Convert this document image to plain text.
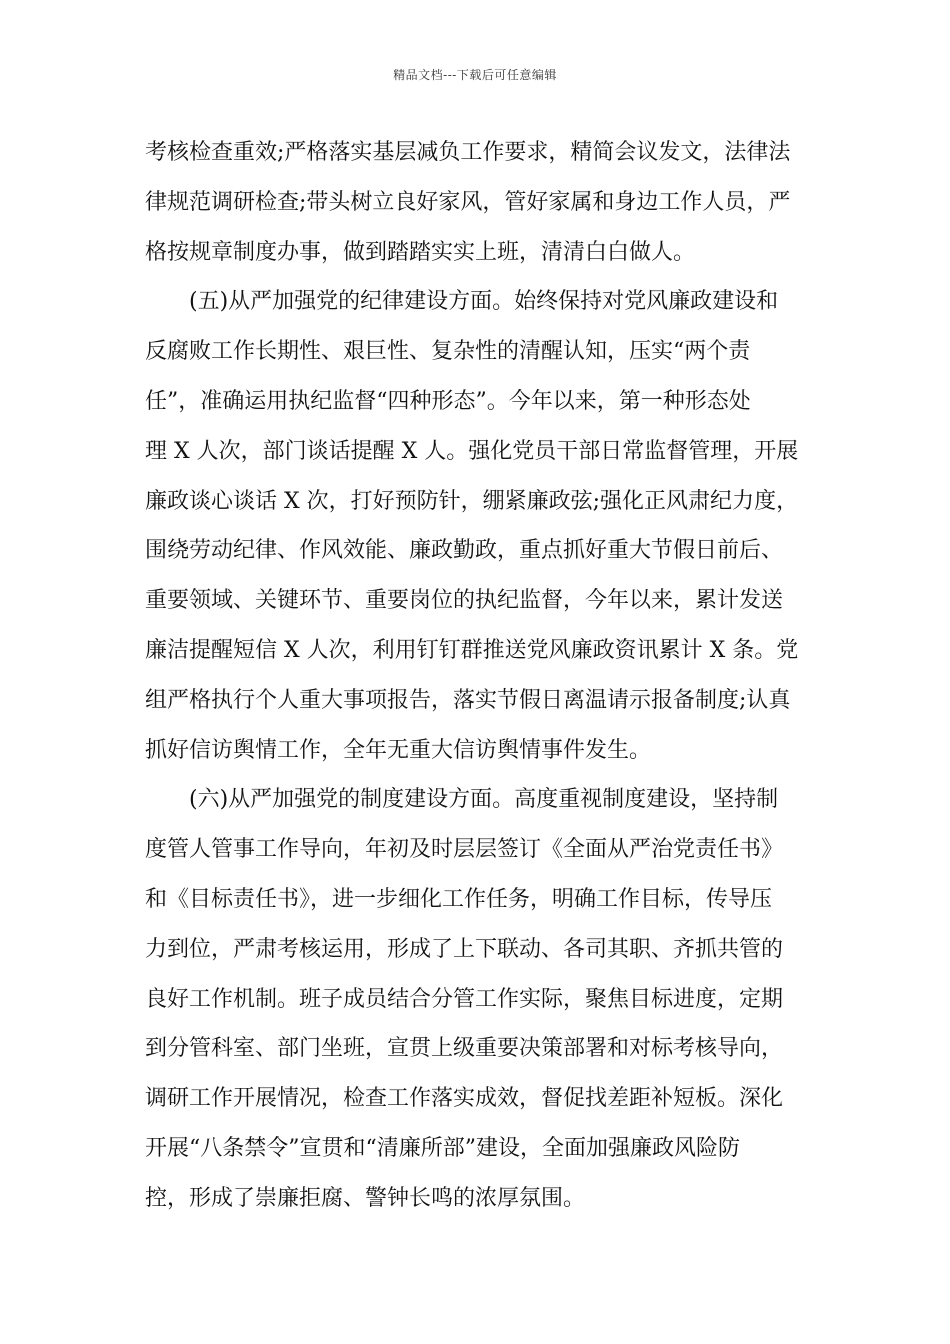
精品文档---下载后可任意编辑
考核检查重效;严格落实基层减负工作要求，精简会议发文，法律法
律规范调研检查;带头树立良好家风，管好家属和身边工作人员，严
格按规章制度办事，做到踏踏实实上班，清清白白做人。
(五)从严加强党的纪律建设方面。始终保持对党风廉政建设和
反腐败工作长期性、艰巨性、复杂性的清醒认知，压实“两个责
任”，准确运用执纪监督“四种形态”。今年以来，第一种形态处
理 X 人次，部门谈话提醒 X 人。强化党员干部日常监督管理，开展
廉政谈心谈话 X 次，打好预防针，绷紧廉政弦;强化正风肃纪力度，
围绕劳动纪律、作风效能、廉政勤政，重点抓好重大节假日前后、
重要领域、关键环节、重要岗位的执纪监督，今年以来，累计发送
廉洁提醒短信 X 人次，利用钉钉群推送党风廉政资讯累计 X 条。党
组严格执行个人重大事项报告，落实节假日离温请示报备制度;认真
抓好信访舆情工作，全年无重大信访舆情事件发生。
(六)从严加强党的制度建设方面。高度重视制度建设，坚持制
度管人管事工作导向，年初及时层层签订《全面从严治党责任书》
和《目标责任书》，进一步细化工作任务，明确工作目标，传导压
力到位，严肃考核运用，形成了上下联动、各司其职、齐抓共管的
良好工作机制。班子成员结合分管工作实际，聚焦目标进度，定期
到分管科室、部门坐班，宣贯上级重要决策部署和对标考核导向，
调研工作开展情况，检查工作落实成效，督促找差距补短板。深化
开展“八条禁令”宣贯和“清廉所部”建设，全面加强廉政风险防
控，形成了崇廉拒腐、警钟长鸣的浓厚氛围。
